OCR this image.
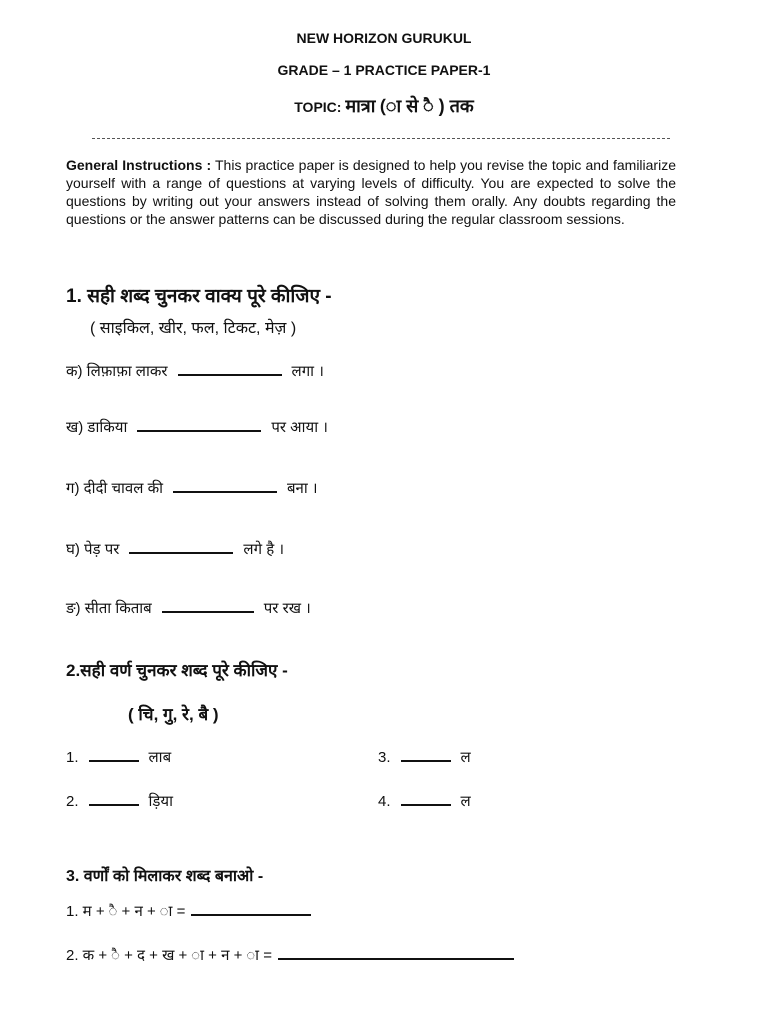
NEW HORIZON GURUKUL
GRADE – 1 PRACTICE PAPER-1
TOPIC: मात्रा (ा से ै ) तक
General Instructions : This practice paper is designed to help you revise the topic and familiarize yourself with a range of questions at varying levels of difficulty. You are expected to solve the questions by writing out your answers instead of solving them orally. Any doubts regarding the questions or the answer patterns can be discussed during the regular classroom sessions.
1. सही शब्द चुनकर वाक्य पूरे कीजिए -
( साइकिल, खीर, फल, टिकट, मेज़ )
क) लिफ़ाफ़ा लाकर	लगा ।
ख) डाकिया	पर आया ।
ग) दीदी चावल की	बना ।
घ) पेड़ पर	लगे है ।
ङ) सीता किताब	पर रख ।
2.सही वर्ण चुनकर शब्द पूरे कीजिए -
( चि, गु, रे, बै )
1.	लाब
2.	ड़िया
3.	ल
4.	ल
3. वर्णों को मिलाकर शब्द बनाओ -
1. म + ै + न + ा =
2. क + ै + द + ख + ा + न + ा =
